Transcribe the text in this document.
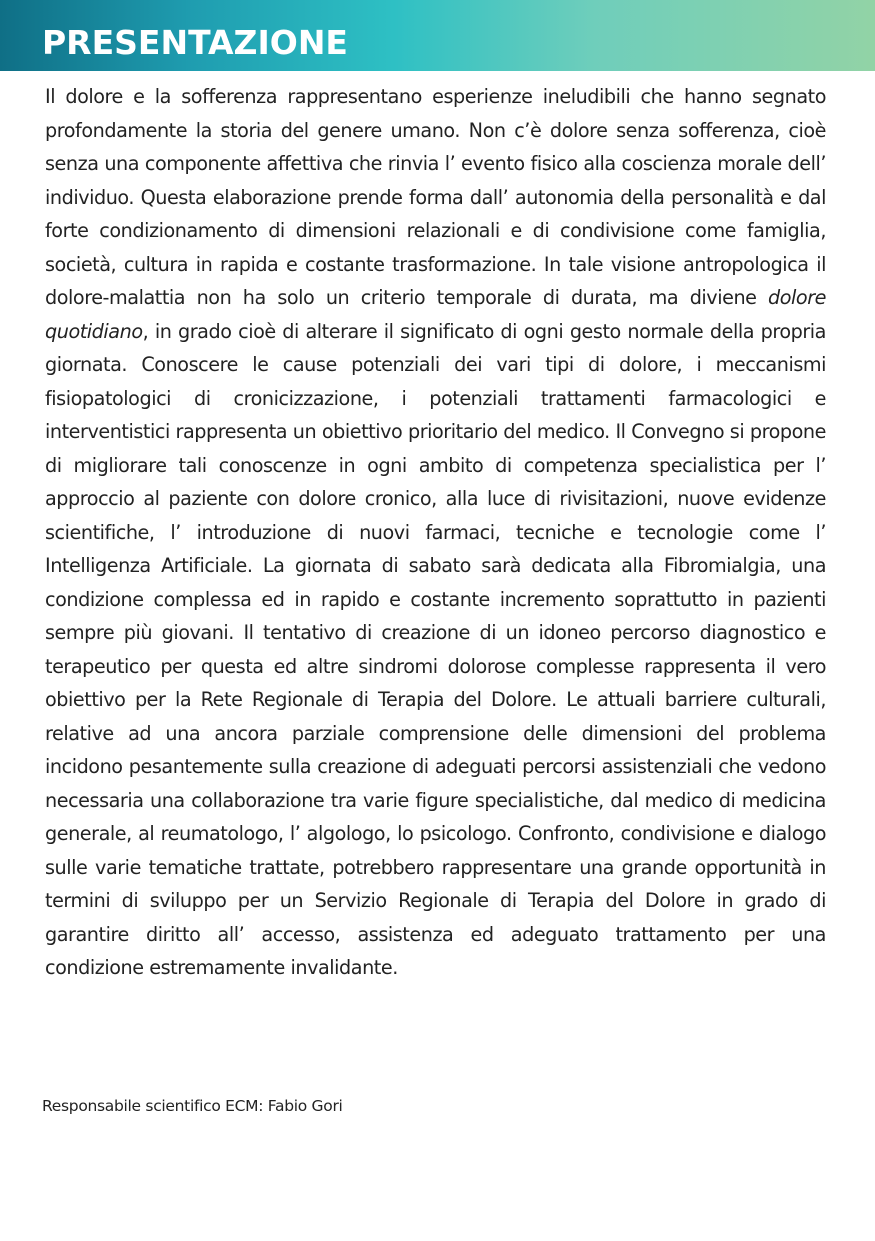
PRESENTAZIONE

Il dolore e la sofferenza rappresentano esperienze ineludibili che hanno segnato profondamente la storia del genere umano. Non c’è dolore senza sofferenza, cioè senza una componente affettiva che rinvia l’ evento fisico alla coscienza morale dell’ individuo. Questa elaborazione prende forma dall’ autonomia della personalità e dal forte condizionamento di dimensioni relazionali e di condivisione come famiglia, società, cultura in rapida e costante trasformazione. In tale visione antropologica il dolore-malattia non ha solo un criterio temporale di durata, ma diviene dolore quotidiano, in grado cioè di alterare il significato di ogni gesto normale della propria giornata. Conoscere le cause potenziali dei vari tipi di dolore, i meccanismi fisiopatologici di cronicizzazione, i potenziali trattamenti farmacologici e interventistici rappresenta un obiettivo prioritario del medico. Il Convegno si propone di migliorare tali conoscenze in ogni ambito di competenza specialistica per l’ approccio al paziente con dolore cronico, alla luce di rivisitazioni, nuove evidenze scientifiche, l’ introduzione di nuovi farmaci, tecniche e tecnologie come l’ Intelligenza Artificiale. La giornata di sabato sarà dedicata alla Fibromialgia, una condizione complessa ed in rapido e costante incremento soprattutto in pazienti sempre più giovani. Il tentativo di creazione di un idoneo percorso diagnostico e terapeutico per questa ed altre sindromi dolorose complesse rappresenta il vero obiettivo per la Rete Regionale di Terapia del Dolore. Le attuali barriere culturali, relative ad una ancora parziale comprensione delle dimensioni del problema incidono pesantemente sulla creazione di adeguati percorsi assistenziali che vedono necessaria una collaborazione tra varie figure specialistiche, dal medico di medicina generale, al reumatologo, l’ algologo, lo psicologo. Confronto, condivisione e dialogo sulle varie tematiche trattate, potrebbero rappresentare una grande opportunità in termini di sviluppo per un Servizio Regionale di Terapia del Dolore in grado di garantire diritto all’ accesso, assistenza ed adeguato trattamento per una condizione estremamente invalidante.

Responsabile scientifico ECM: Fabio Gori
